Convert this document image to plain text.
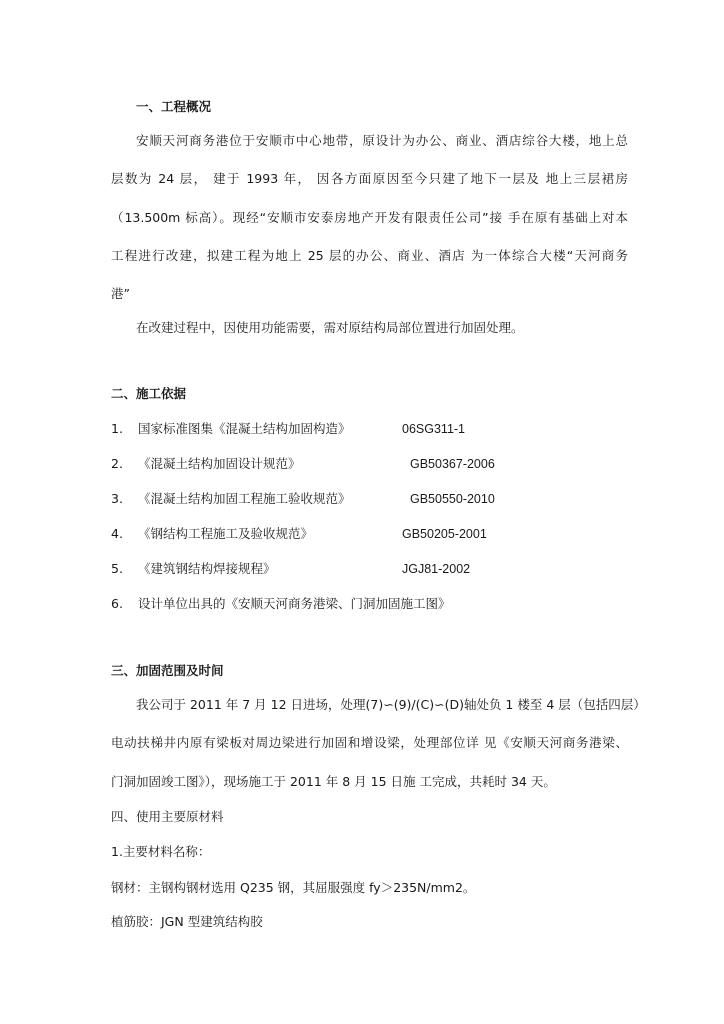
一、工程概况
安顺天河商务港位于安顺市中心地带，原设计为办公、商业、酒店综谷大楼，地上总
层数为 24 层， 建于 1993 年， 因各方面原因至今只建了地下一层及 地上三层裙房
（13.500m 标高）。现经“安顺市安泰房地产开发有限责任公司”接 手在原有基础上对本
工程进行改建，拟建工程为地上 25 层的办公、商业、酒店 为一体综合大楼“天河商务
港”
在改建过程中，因使用功能需要，需对原结构局部位置进行加固处理。
二、施工依据
1. 国家标准图集《混凝土结构加固构造》	06SG311-1
2. 《混凝土结构加固设计规范》	GB50367-2006
3. 《混凝土结构加固工程施工验收规范》	GB50550-2010
4. 《钢结构工程施工及验收规范》	GB50205-2001
5. 《建筑钢结构焊接规程》	JGJ81-2002
6. 设计单位出具的《安顺天河商务港梁、门洞加固施工图》
三、加固范围及时间
我公司于 2011 年 7 月 12 日进场，处理(7)∽(9)/(C)∽(D)轴处负 1 楼至 4 层（包括四层）
电动扶梯井内原有梁板对周边梁进行加固和增设梁，处理部位详 见《安顺天河商务港梁、
门洞加固竣工图》），现场施工于 2011 年 8 月 15 日施 工完成，共耗时 34 天。
四、使用主要原材料
1.主要材料名称：
钢材：主钢构钢材选用 Q235 钢，其屈服强度 fy＞235N/mm2。
植筋胶：JGN 型建筑结构胶
